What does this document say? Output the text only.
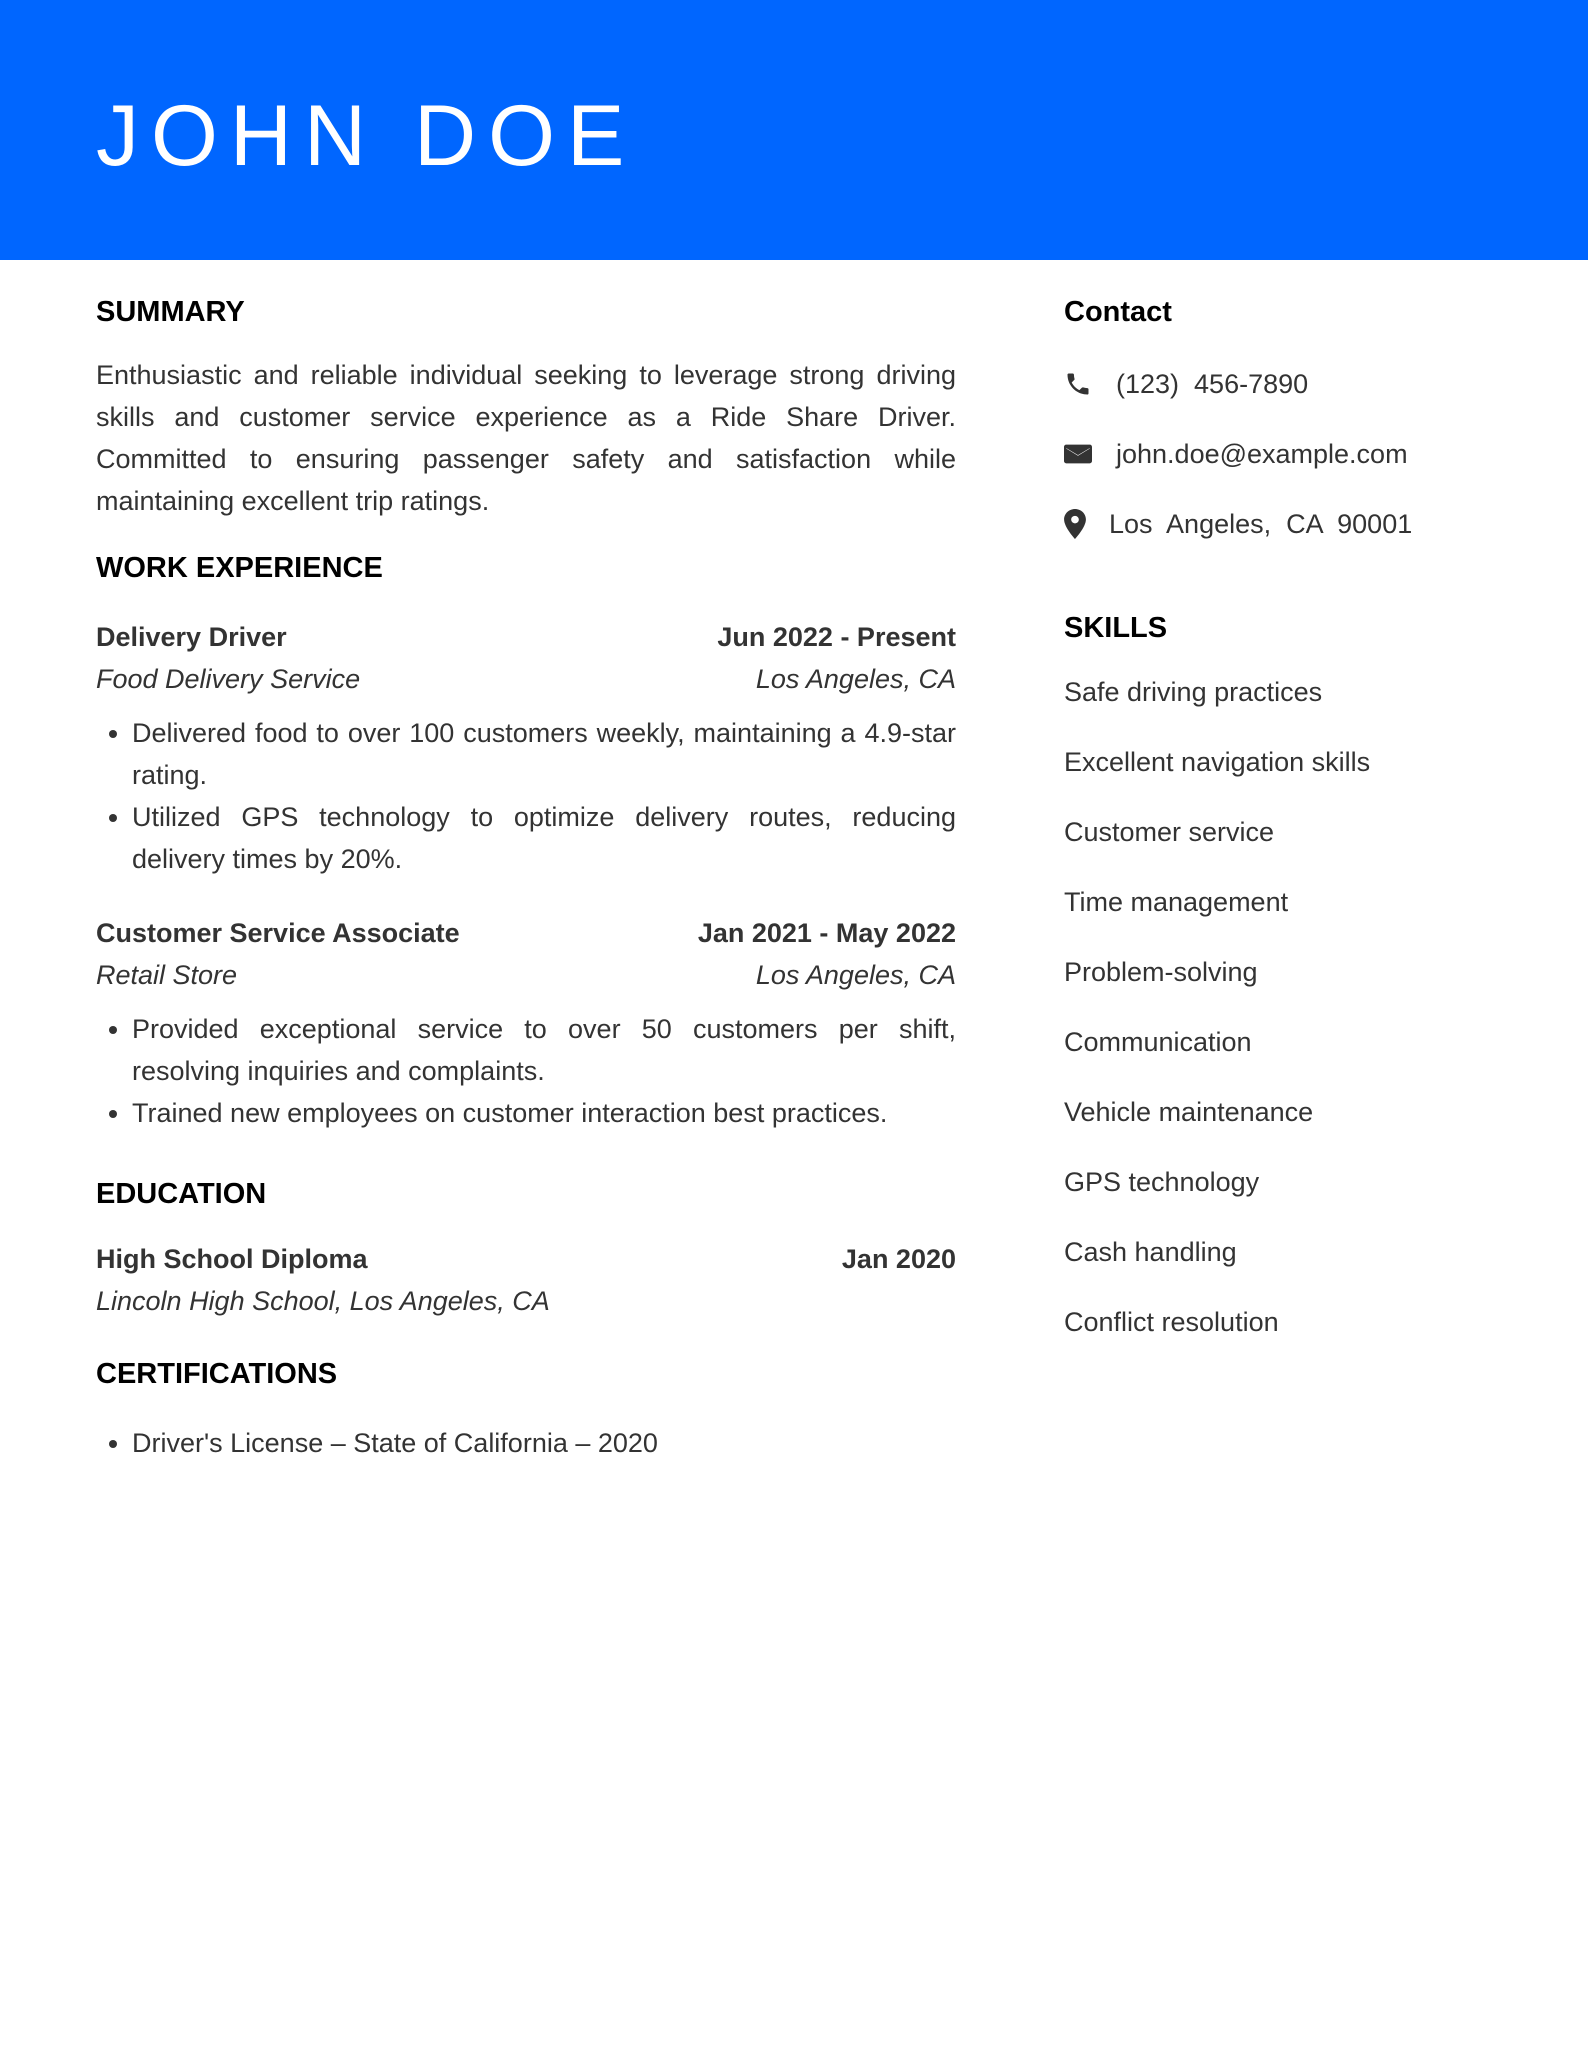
JOHN DOE
SUMMARY

Enthusiastic and reliable individual seeking to leverage strong driving skills and customer service experience as a Ride Share Driver. Committed to ensuring passenger safety and satisfaction while maintaining excellent trip ratings.

WORK EXPERIENCE
Delivery Driver	Jun 2022 - Present
Food Delivery Service	Los Angeles, CA
• Delivered food to over 100 customers weekly, maintaining a 4.9-star rating.
• Utilized GPS technology to optimize delivery routes, reducing delivery times by 20%.
Customer Service Associate	Jan 2021 - May 2022
Retail Store	Los Angeles, CA
• Provided exceptional service to over 50 customers per shift, resolving inquiries and complaints.
• Trained new employees on customer interaction best practices.
EDUCATION
High School Diploma	Jan 2020
Lincoln High School, Los Angeles, CA
CERTIFICATIONS
• Driver's License – State of California – 2020
Contact
(123)  456-7890
john.doe@example.com
Los  Angeles,  CA  90001
SKILLS
Safe driving practices
Excellent navigation skills
Customer service
Time management
Problem-solving
Communication
Vehicle maintenance
GPS technology
Cash handling
Conflict resolution
